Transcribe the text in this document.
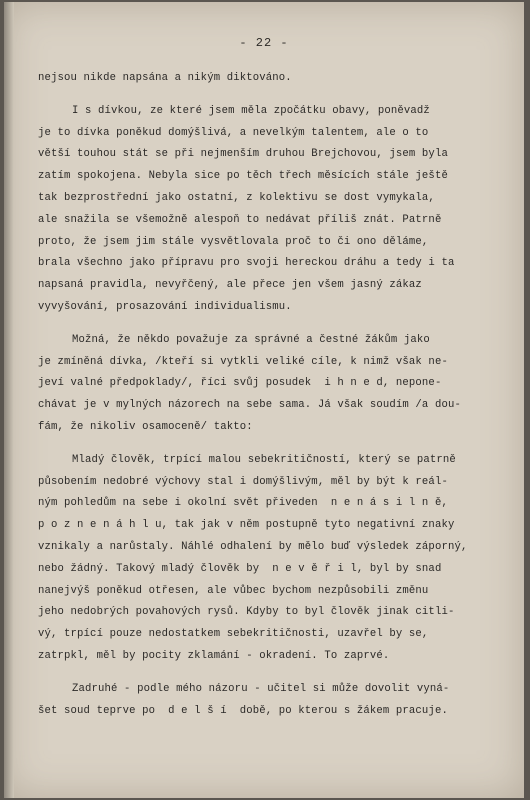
- 22 -
nejsou nikde napsána a nikým diktováno.
I s dívkou, ze které jsem měla zpočátku obavy, poněvadž
je to dívka poněkud domýšlivá, a nevelkým talentem, ale o to
větší touhou stát se při nejmenším druhou Brejchovou, jsem byla
zatím spokojena. Nebyla sice po těch třech měsících stále ještě
tak bezprostřední jako ostatní, z kolektivu se dost vymykala,
ale snažila se všemožně alespoň to nedávat příliš znát. Patrně
proto, že jsem jim stále vysvětlovala proč to či ono děláme,
brala všechno jako přípravu pro svoji hereckou dráhu a tedy i ta
napsaná pravidla, nevyřčený, ale přece jen všem jasný zákaz
vyvyšování, prosazování individualismu.
Možná, že někdo považuje za správné a čestné žákům jako
je zmíněná dívka, /kteří si vytkli veliké cíle, k nimž však ne-
jeví valné předpoklady/, říci svůj posudek  i h n e d, nepone-
chávat je v mylných názorech na sebe sama. Já však soudím /a dou-
fám, že nikoliv osamoceně/ takto:
Mladý člověk, trpící malou sebekritičností, který se patrně
působením nedobré výchovy stal i domýšlivým, měl by být k reál-
ným pohledům na sebe i okolní svět přiveden  n e n á s i l n ě,
p o z n e n á h l u, tak jak v něm postupně tyto negativní znaky
vznikaly a narůstaly. Náhlé odhalení by mělo buď výsledek záporný,
nebo žádný. Takový mladý člověk by  n e v ě ř i l, byl by snad
nanejvýš poněkud otřesen, ale vůbec bychom nezpůsobili změnu
jeho nedobrých povahových rysů. Kdyby to byl člověk jinak citli-
vý, trpící pouze nedostatkem sebekritičnosti, uzavřel by se,
zatrpkl, měl by pocity zklamání - okradení. To zaprvé.
Zadruhé - podle mého názoru - učitel si může dovolit vyná-
šet soud teprve po  d e l š í  době, po kterou s žákem pracuje.
